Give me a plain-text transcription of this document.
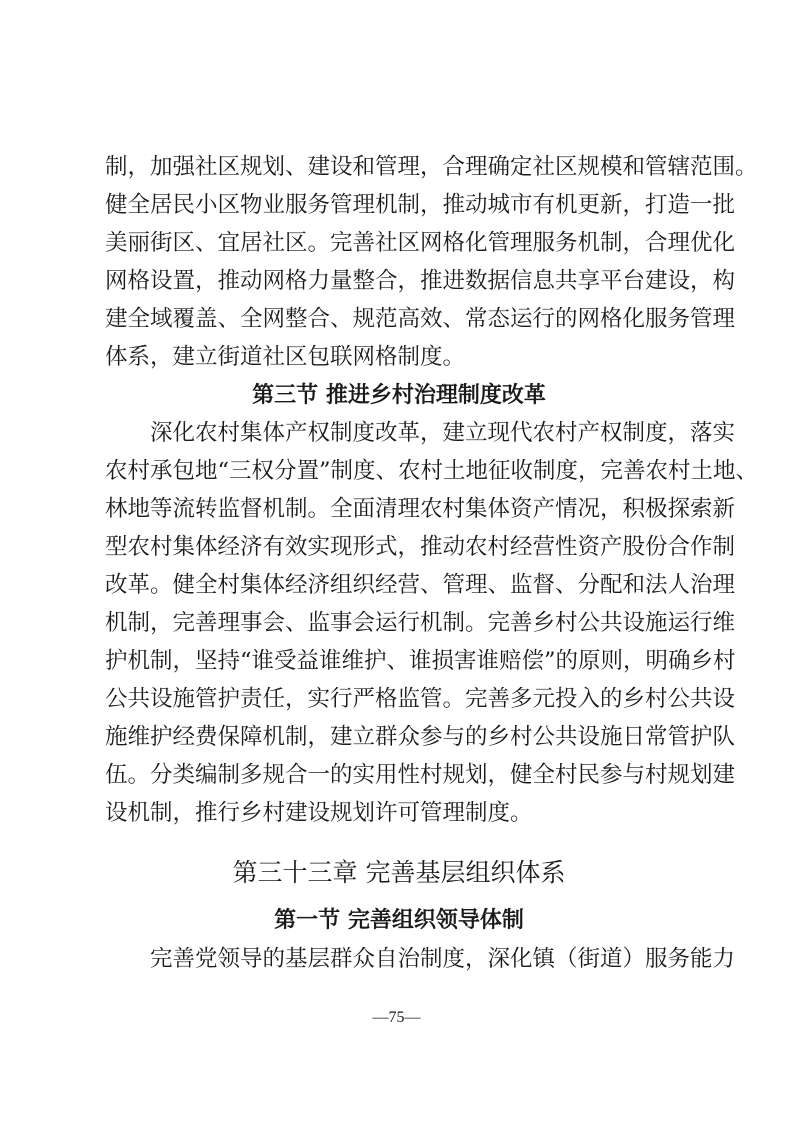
制，加强社区规划、建设和管理，合理确定社区规模和管辖范围。
健全居民小区物业服务管理机制，推动城市有机更新，打造一批
美丽街区、宜居社区。完善社区网格化管理服务机制，合理优化
网格设置，推动网格力量整合，推进数据信息共享平台建设，构
建全域覆盖、全网整合、规范高效、常态运行的网格化服务管理
体系，建立街道社区包联网格制度。
第三节 推进乡村治理制度改革
深化农村集体产权制度改革，建立现代农村产权制度，落实
农村承包地“三权分置”制度、农村土地征收制度，完善农村土地、
林地等流转监督机制。全面清理农村集体资产情况，积极探索新
型农村集体经济有效实现形式，推动农村经营性资产股份合作制
改革。健全村集体经济组织经营、管理、监督、分配和法人治理
机制，完善理事会、监事会运行机制。完善乡村公共设施运行维
护机制，坚持“谁受益谁维护、谁损害谁赔偿”的原则，明确乡村
公共设施管护责任，实行严格监管。完善多元投入的乡村公共设
施维护经费保障机制，建立群众参与的乡村公共设施日常管护队
伍。分类编制多规合一的实用性村规划，健全村民参与村规划建
设机制，推行乡村建设规划许可管理制度。
第三十三章 完善基层组织体系
第一节 完善组织领导体制
完善党领导的基层群众自治制度，深化镇（街道）服务能力
—75—
